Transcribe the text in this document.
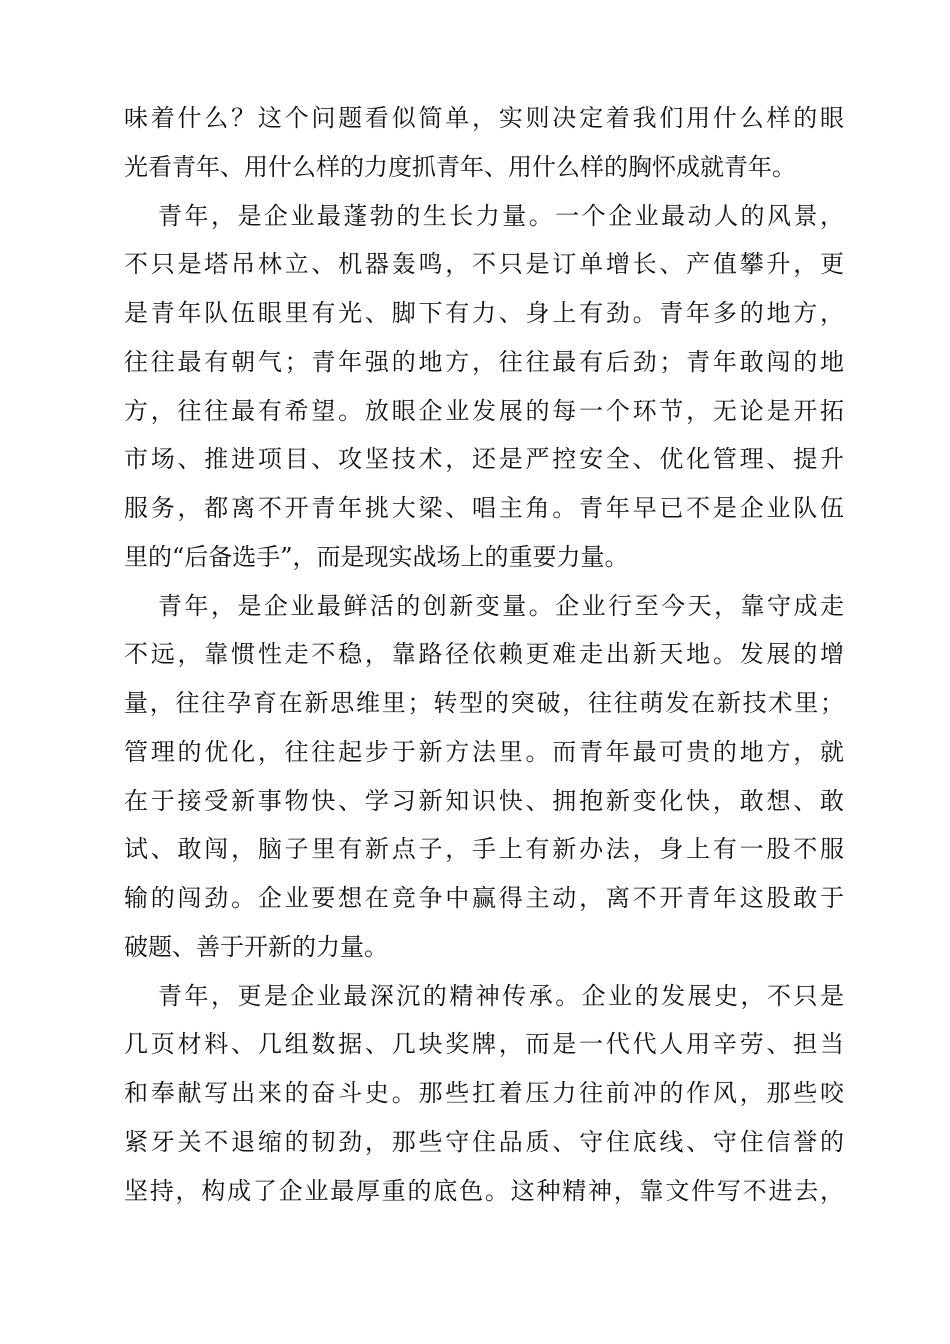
味着什么？这个问题看似简单，实则决定着我们用什么样的眼
光看青年、用什么样的力度抓青年、用什么样的胸怀成就青年。
青年，是企业最蓬勃的生长力量。一个企业最动人的风景，
不只是塔吊林立、机器轰鸣，不只是订单增长、产值攀升，更
是青年队伍眼里有光、脚下有力、身上有劲。青年多的地方，
往往最有朝气；青年强的地方，往往最有后劲；青年敢闯的地
方，往往最有希望。放眼企业发展的每一个环节，无论是开拓
市场、推进项目、攻坚技术，还是严控安全、优化管理、提升
服务，都离不开青年挑大梁、唱主角。青年早已不是企业队伍
里的“后备选手”，而是现实战场上的重要力量。
青年，是企业最鲜活的创新变量。企业行至今天，靠守成走
不远，靠惯性走不稳，靠路径依赖更难走出新天地。发展的增
量，往往孕育在新思维里；转型的突破，往往萌发在新技术里；
管理的优化，往往起步于新方法里。而青年最可贵的地方，就
在于接受新事物快、学习新知识快、拥抱新变化快，敢想、敢
试、敢闯，脑子里有新点子，手上有新办法，身上有一股不服
输的闯劲。企业要想在竞争中赢得主动，离不开青年这股敢于
破题、善于开新的力量。
青年，更是企业最深沉的精神传承。企业的发展史，不只是
几页材料、几组数据、几块奖牌，而是一代代人用辛劳、担当
和奉献写出来的奋斗史。那些扛着压力往前冲的作风，那些咬
紧牙关不退缩的韧劲，那些守住品质、守住底线、守住信誉的
坚持，构成了企业最厚重的底色。这种精神，靠文件写不进去，
